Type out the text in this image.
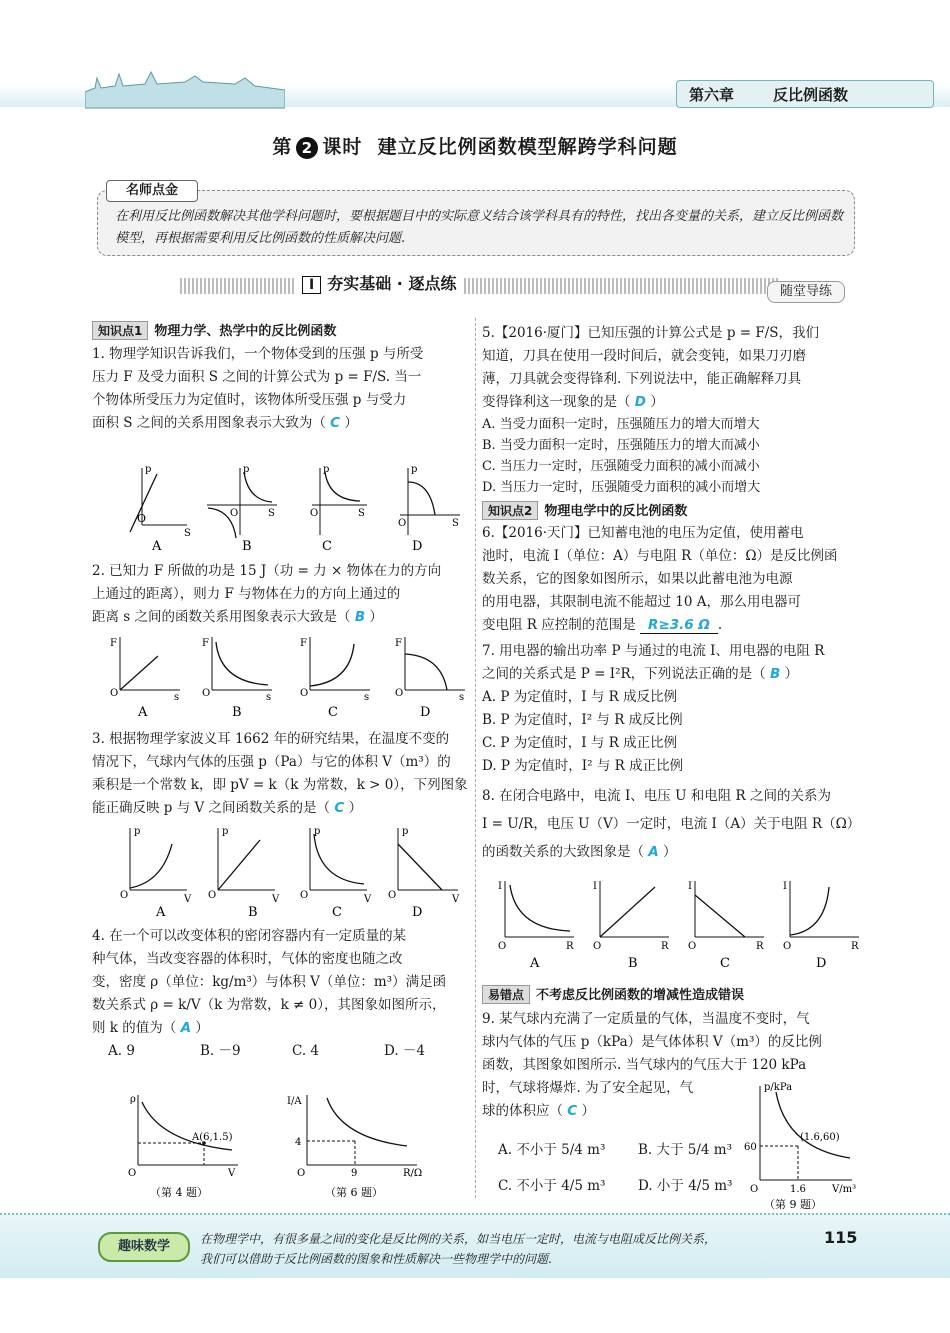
第六章	反比例函数
第 2 课时 建立反比例函数模型解跨学科问题
名师点金
在利用反比例函数解决其他学科问题时，要根据题目中的实际意义结合该学科具有的特性，找出各变量的关系，建立反比例函数模型，再根据需要利用反比例函数的性质解决问题.
I 夯实基础 · 逐点练	随堂导练
知识点1 物理力学、热学中的反比例函数
1. 物理学知识告诉我们，一个物体受到的压强 p 与所受
压力 F 及受力面积 S 之间的计算公式为 p = F/S. 当一
个物体所受压力为定值时，该物体所受压强 p 与受力
面积 S 之间的关系用图象表示大致为（ C ）
O
p
S
O
p
S	O
p
S
O
p
S
A	B	C	D
2. 已知力 F 所做的功是 15 J（功 = 力 × 物体在力的方向
上通过的距离），则力 F 与物体在力的方向上通过的
距离 s 之间的函数关系用图象表示大致是（ B ）
O
F
s O
F
s	O
F
s	O
F
s
A	B	C	D
3. 根据物理学家波义耳 1662 年的研究结果，在温度不变的
情况下，气球内气体的压强 p（Pa）与它的体积 V（m³）的
乘积是一个常数 k，即 pV = k（k 为常数，k > 0），下列图象
能正确反映 p 与 V 之间函数关系的是（ C ）
O
p
V O
p
V O
p
V O
p
V
A	B	C	D
4. 在一个可以改变体积的密闭容器内有一定质量的某
种气体，当改变容器的体积时，气体的密度也随之改
变，密度 ρ（单位：kg/m³）与体积 V（单位：m³）满足函
数关系式 ρ = k/V（k 为常数，k ≠ 0），其图象如图所示，
则 k 的值为（ A ）
A. 9	B. －9	C. 4	D. －4
A(6,1.5)
O
ρ
V
（第 4 题）
I/A
4
9	R/Ω
O
（第 6 题）
5.【2016·厦门】已知压强的计算公式是 p = F/S，我们
知道，刀具在使用一段时间后，就会变钝，如果刀刃磨
薄，刀具就会变得锋利. 下列说法中，能正确解释刀具
变得锋利这一现象的是（ D ）
A. 当受力面积一定时，压强随压力的增大而增大
B. 当受力面积一定时，压强随压力的增大而减小
C. 当压力一定时，压强随受力面积的减小而减小
D. 当压力一定时，压强随受力面积的减小而增大
知识点2 物理电学中的反比例函数
6.【2016·天门】已知蓄电池的电压为定值，使用蓄电
池时，电流 I（单位：A）与电阻 R（单位：Ω）是反比例函
数关系，它的图象如图所示，如果以此蓄电池为电源
的用电器，其限制电流不能超过 10 A，那么用电器可
变电阻 R 应控制的范围是 R≥3.6 Ω .
7. 用电器的输出功率 P 与通过的电流 I、用电器的电阻 R
之间的关系式是 P = I²R，下列说法正确的是（ B ）
A. P 为定值时，I 与 R 成反比例
B. P 为定值时，I² 与 R 成反比例
C. P 为定值时，I 与 R 成正比例
D. P 为定值时，I² 与 R 成正比例
8. 在闭合电路中，电流 I、电压 U 和电阻 R 之间的关系为
I = U/R，电压 U（V）一定时，电流 I（A）关于电阻 R（Ω）
的函数关系的大致图象是（ A ）
O
I
R O
I
R O
I
R O
I
R
A	B	C	D
易错点 不考虑反比例函数的增减性造成错误
9. 某气球内充满了一定质量的气体，当温度不变时，气
球内气体的气压 p（kPa）是气体体积 V（m³）的反比例
函数，其图象如图所示. 当气球内的气压大于 120 kPa
时，气球将爆炸. 为了安全起见，气
球的体积应（ C ）
A. 不小于 5/4 m³ B. 大于 5/4 m³
C. 不小于 4/5 m³ D. 小于 4/5 m³
p/kPa
(1.6,60)
60
1.6	V/m³
O
（第 9 题）
趣味数学	在物理学中，有很多量之间的变化是反比例的关系，如当电压一定时，电流与电阻成反比例关系，
我们可以借助于反比例函数的图象和性质解决一些物理学中的问题.
115
